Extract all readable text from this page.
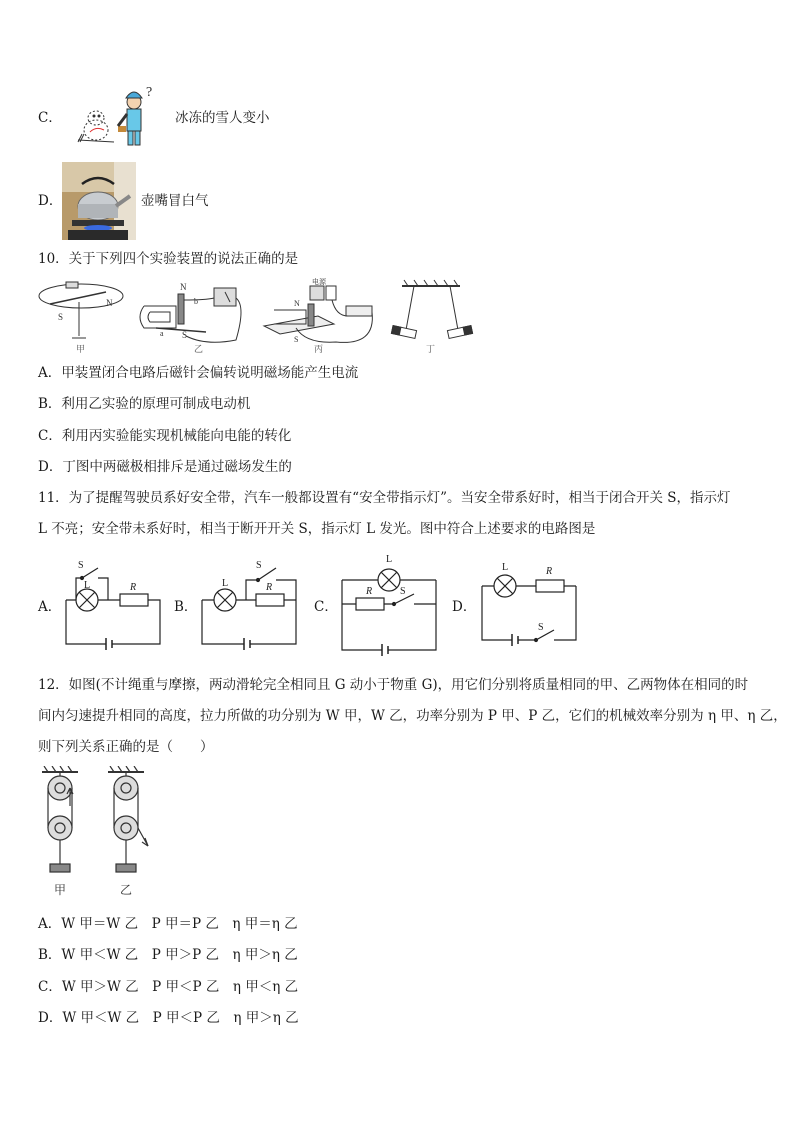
C．
?
冰冻的雪人变小
D．	壶嘴冒白气
10．关于下列四个实验装置的说法正确的是
S
N
甲
N
S
a
b
乙
电源
N
S
丙	丁
A．甲装置闭合电路后磁针会偏转说明磁场能产生电流
B．利用乙实验的原理可制成电动机
C．利用丙实验能实现机械能向电能的转化
D．丁图中两磁极相排斥是通过磁场发生的
11．为了提醒驾驶员系好安全带，汽车一般都设置有“安全带指示灯”。当安全带系好时，相当于闭合开关 S，指示灯
L 不亮；安全带未系好时，相当于断开开关 S，指示灯 L 发光。图中符合上述要求的电路图是
A．
S
L	R
B．
S
L	R
C．
L
R	S
D．
L	R
S
12．如图(不计绳重与摩擦，两动滑轮完全相同且 G 动小于物重 G)，用它们分别将质量相同的甲、乙两物体在相同的时
间内匀速提升相同的高度，拉力所做的功分别为 W 甲，W 乙，功率分别为 P 甲、P 乙，它们的机械效率分别为 η 甲、η 乙，
则下列关系正确的是（　　）
甲	乙
A．W 甲＝W 乙　P 甲＝P 乙　η 甲＝η 乙
B．W 甲＜W 乙　P 甲＞P 乙　η 甲＞η 乙
C．W 甲＞W 乙　P 甲＜P 乙　η 甲＜η 乙
D．W 甲＜W 乙　P 甲＜P 乙　η 甲＞η 乙
